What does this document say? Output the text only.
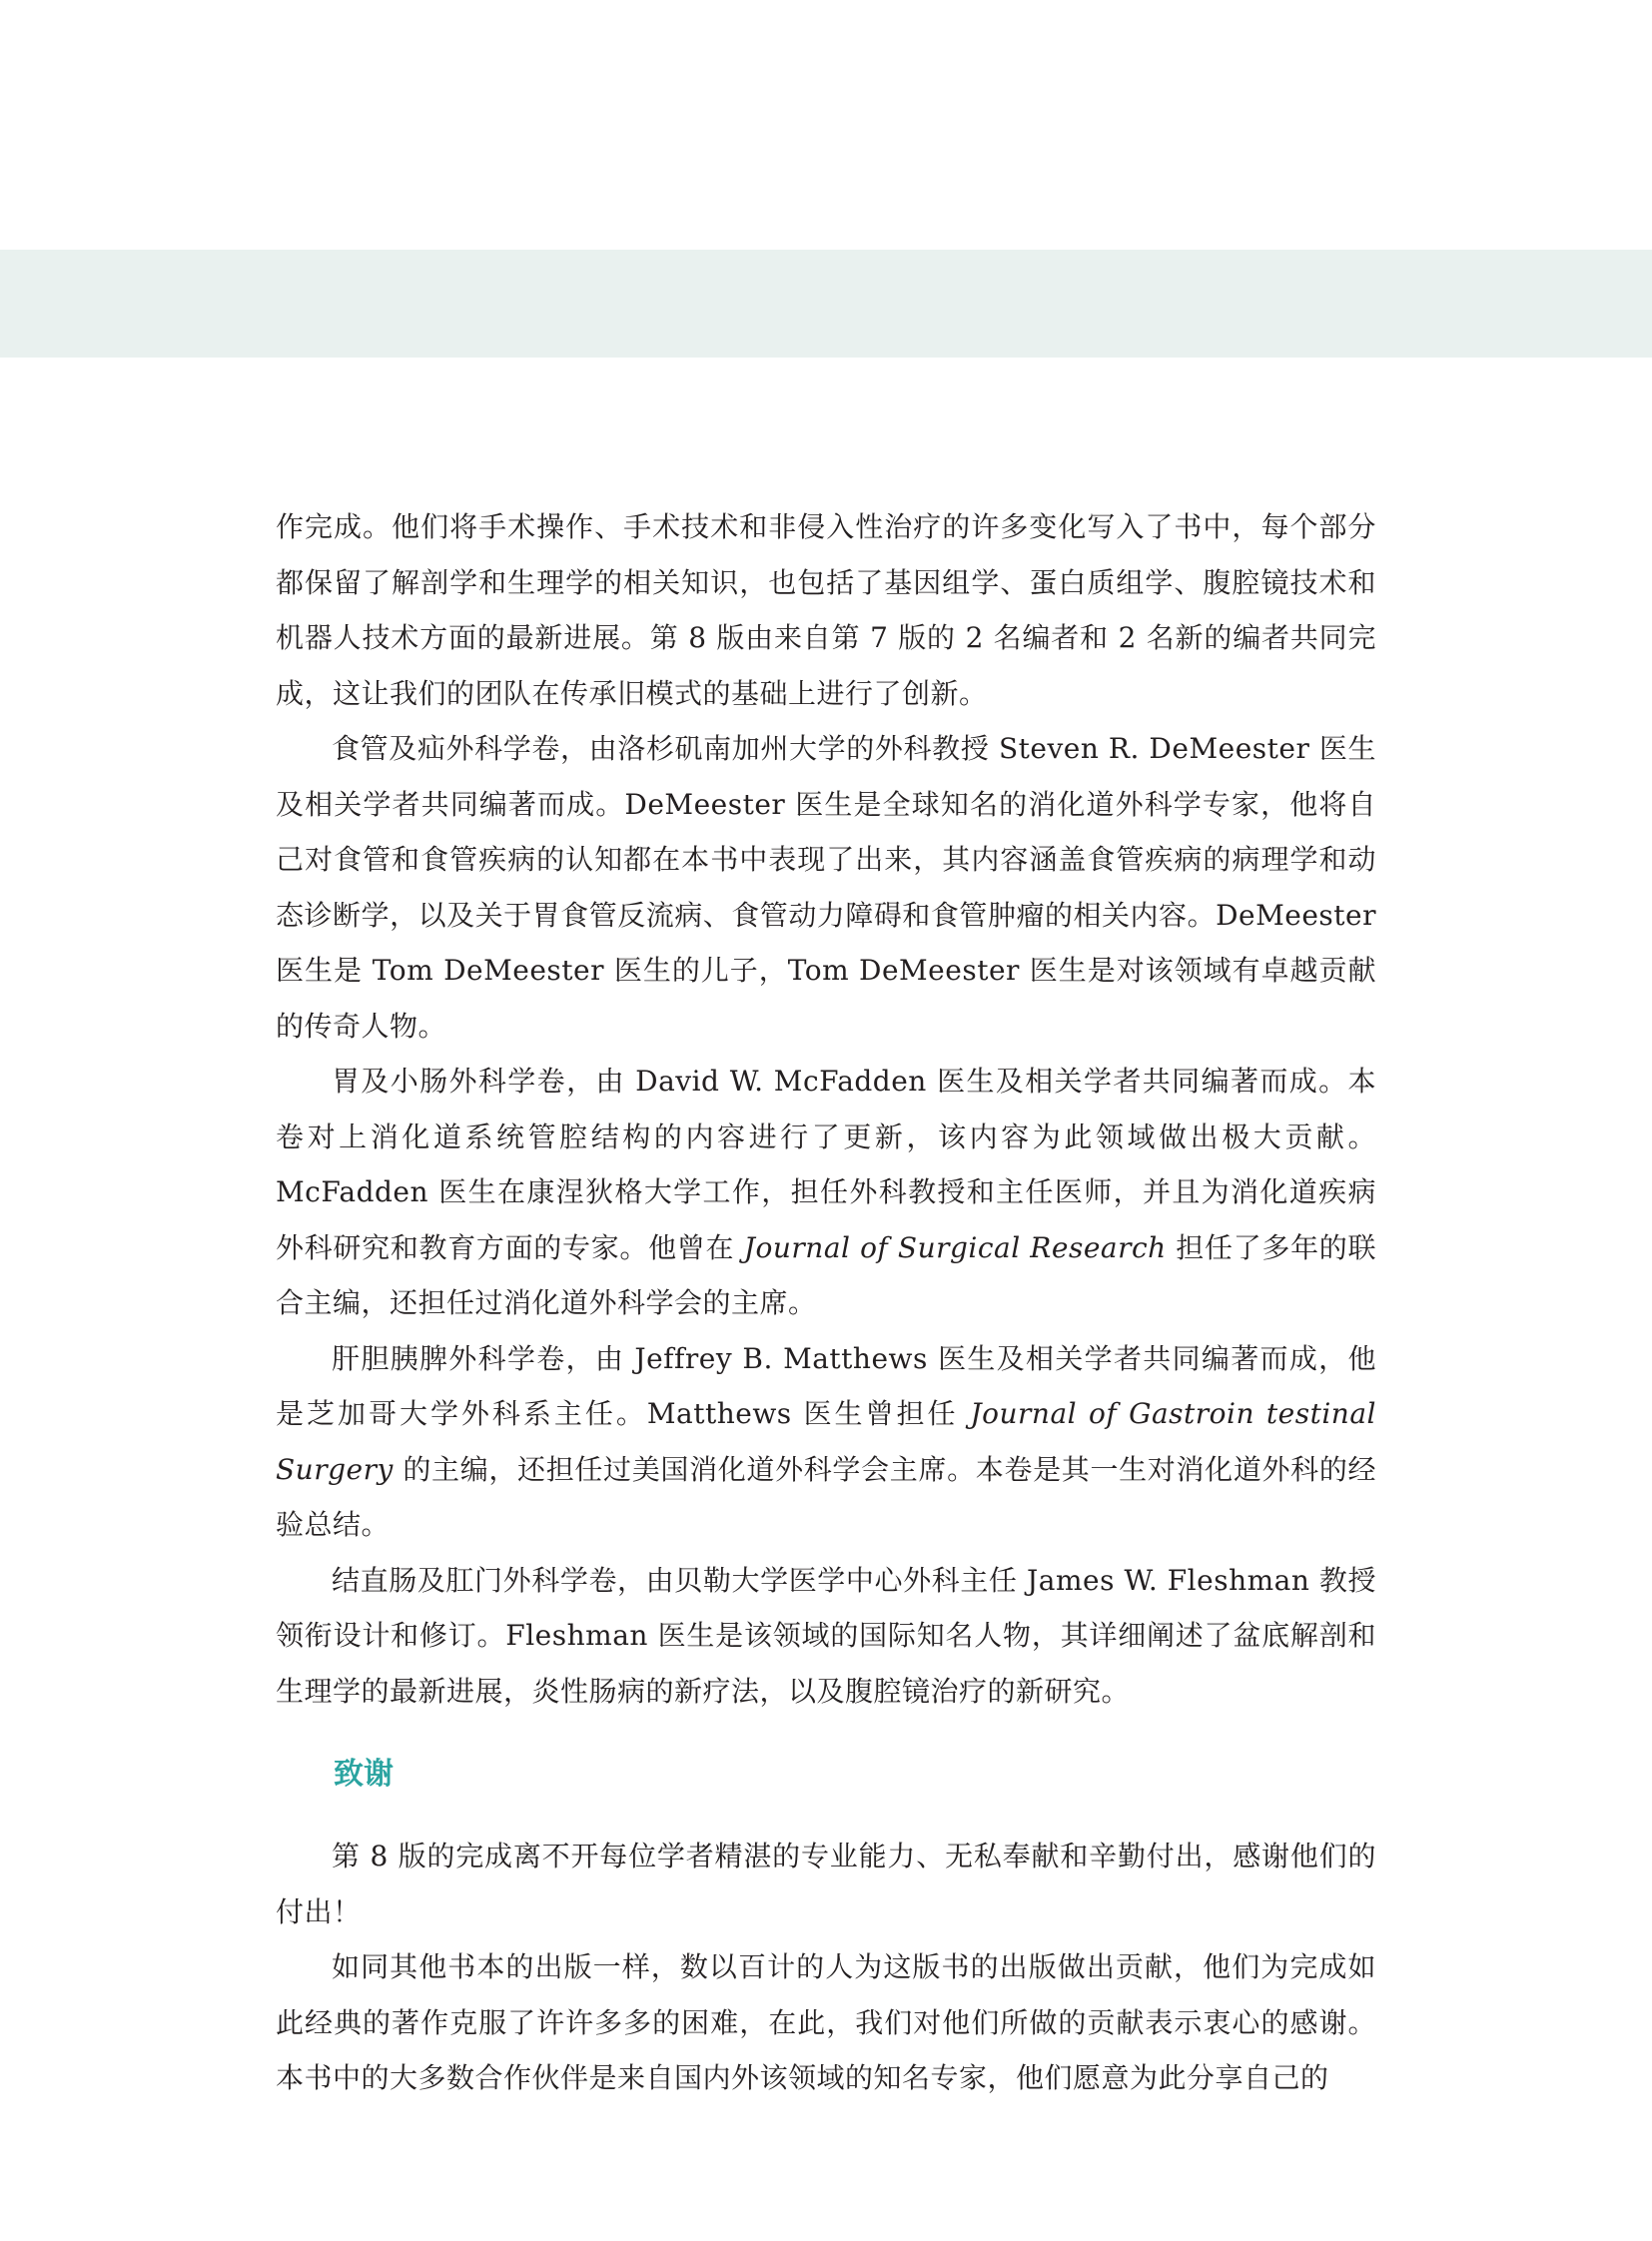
作完成。他们将手术操作、手术技术和非侵入性治疗的许多变化写入了书中，每个部分都保留了解剖学和生理学的相关知识，也包括了基因组学、蛋白质组学、腹腔镜技术和机器人技术方面的最新进展。第 8 版由来自第 7 版的 2 名编者和 2 名新的编者共同完成，这让我们的团队在传承旧模式的基础上进行了创新。

食管及疝外科学卷，由洛杉矶南加州大学的外科教授 Steven R. DeMeester 医生及相关学者共同编著而成。DeMeester 医生是全球知名的消化道外科学专家，他将自己对食管和食管疾病的认知都在本书中表现了出来，其内容涵盖食管疾病的病理学和动态诊断学，以及关于胃食管反流病、食管动力障碍和食管肿瘤的相关内容。DeMeester 医生是 Tom DeMeester 医生的儿子，Tom DeMeester 医生是对该领域有卓越贡献的传奇人物。

胃及小肠外科学卷，由 David W. McFadden 医生及相关学者共同编著而成。本卷对上消化道系统管腔结构的内容进行了更新，该内容为此领域做出极大贡献。McFadden 医生在康涅狄格大学工作，担任外科教授和主任医师，并且为消化道疾病外科研究和教育方面的专家。他曾在 Journal of Surgical Research 担任了多年的联合主编，还担任过消化道外科学会的主席。

肝胆胰脾外科学卷，由 Jeffrey B. Matthews 医生及相关学者共同编著而成，他是芝加哥大学外科系主任。Matthews 医生曾担任 Journal of Gastroin testinal Surgery 的主编，还担任过美国消化道外科学会主席。本卷是其一生对消化道外科的经验总结。

结直肠及肛门外科学卷，由贝勒大学医学中心外科主任 James W. Fleshman 教授领衔设计和修订。Fleshman 医生是该领域的国际知名人物，其详细阐述了盆底解剖和生理学的最新进展，炎性肠病的新疗法，以及腹腔镜治疗的新研究。

致谢

第 8 版的完成离不开每位学者精湛的专业能力、无私奉献和辛勤付出，感谢他们的付出！

如同其他书本的出版一样，数以百计的人为这版书的出版做出贡献，他们为完成如此经典的著作克服了许许多多的困难，在此，我们对他们所做的贡献表示衷心的感谢。本书中的大多数合作伙伴是来自国内外该领域的知名专家，他们愿意为此分享自己的
